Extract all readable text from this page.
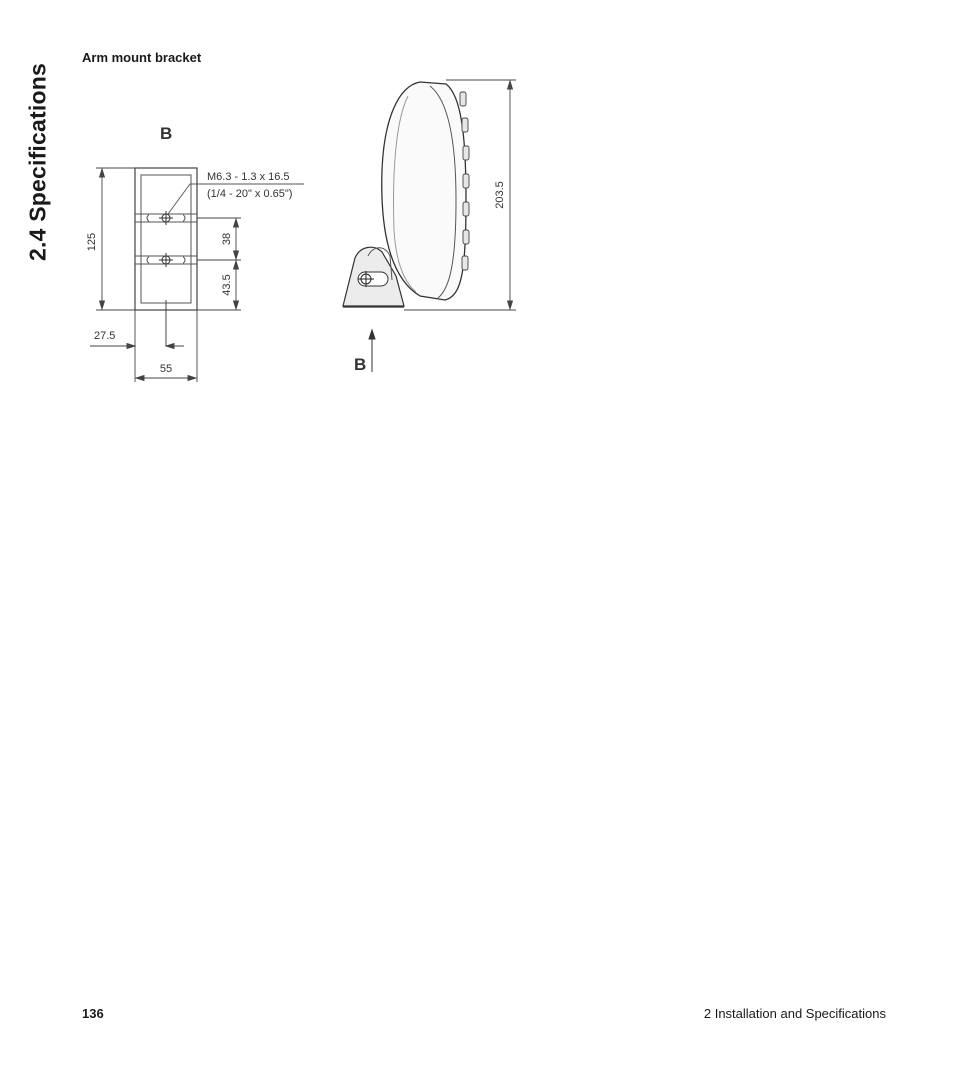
2.4 Specifications
Arm mount bracket
B
M6.3 - 1.3 x 16.5
(1/4 - 20" x 0.65")
125	38
43.5
27.5
55
203.5
B
136	2 Installation and Specifications
